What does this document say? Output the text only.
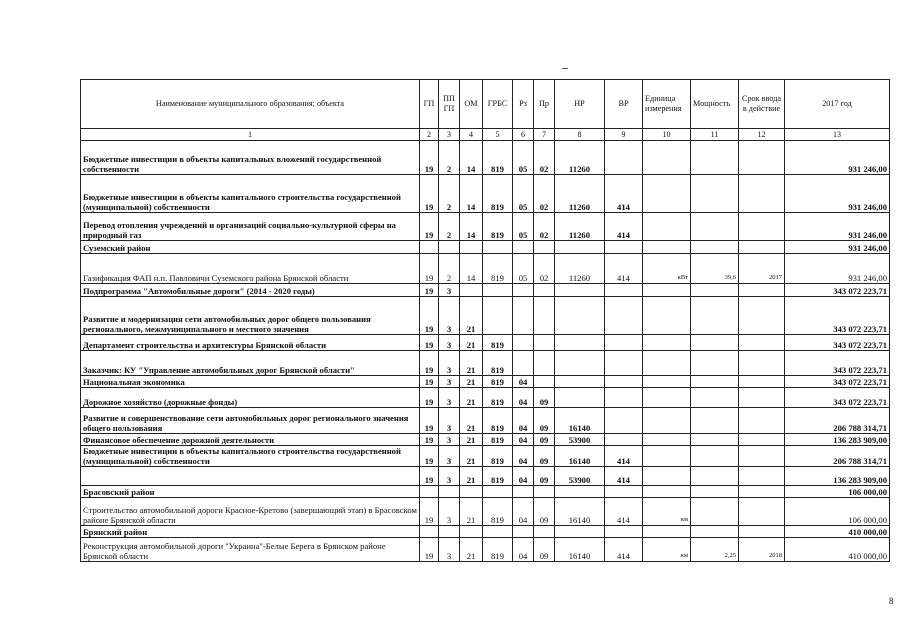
Наименование муниципального образования; объекта	ГП	ППГП	ОМ	ГРБС	Рз	Пр	НР	ВР	Единица измерения	Мощность	Срок ввода в действие	2017 год
1	2	3	4	5	6	7	8	9	10	11	12	13
Бюджетные инвестиции в объекты капитальных вложений государственной собственности	19	2	14	819	05	02	11260					931 246,00
Бюджетные инвестиции в объекты капитального строительства государственной (муниципальной) собственности	19	2	14	819	05	02	11260	414				931 246,00
Перевод отопления учреждений и организаций социально-культурной сферы на природный газ	19	2	14	819	05	02	11260	414				931 246,00
Суземский район												931 246,00
Газификация ФАП н.п. Павловичи Суземского района Брянской области	19	2	14	819	05	02	11260	414	кВт	39,6	2017	931 246,00
Подпрограмма "Автомобильные дороги" (2014 - 2020 годы)	19	3										343 072 223,71
Развитие и модернизация сети автомобильных дорог общего пользования регионального, межмуниципального и местного значения	19	3	21									343 072 223,71
Департамент строительства и архитектуры Брянской области	19	3	21	819								343 072 223,71
Заказчик: КУ "Управление автомобильных дорог Брянской области"	19	3	21	819								343 072 223,71
Национальная экономика	19	3	21	819	04							343 072 223,71
Дорожное хозяйство (дорожные фонды)	19	3	21	819	04	09						343 072 223,71
Развитие и совершенствование сети автомобильных дорог регионального значения общего пользования	19	3	21	819	04	09	16140					206 788 314,71
Финансовое обеспечение дорожной деятельности	19	3	21	819	04	09	53900					136 283 909,00
Бюджетные инвестиции в объекты капитального строительства государственной (муниципальной) собственности	19	3	21	819	04	09	16140	414				206 788 314,71
	19	3	21	819	04	09	53900	414				136 283 909,00
Брасовский район												106 000,00
Строительство автомобильной дороги Красное-Кретово (завершающий этап) в Брасовском районе Брянской области	19	3	21	819	04	09	16140	414	км			106 000,00
Брянский район												410 000,00
Реконструкция автомобильной дороги "Украина"-Белые Берега в Брянском районе Брянской области	19	3	21	819	04	09	16140	414	км	2,25	2018	410 000,00
8
